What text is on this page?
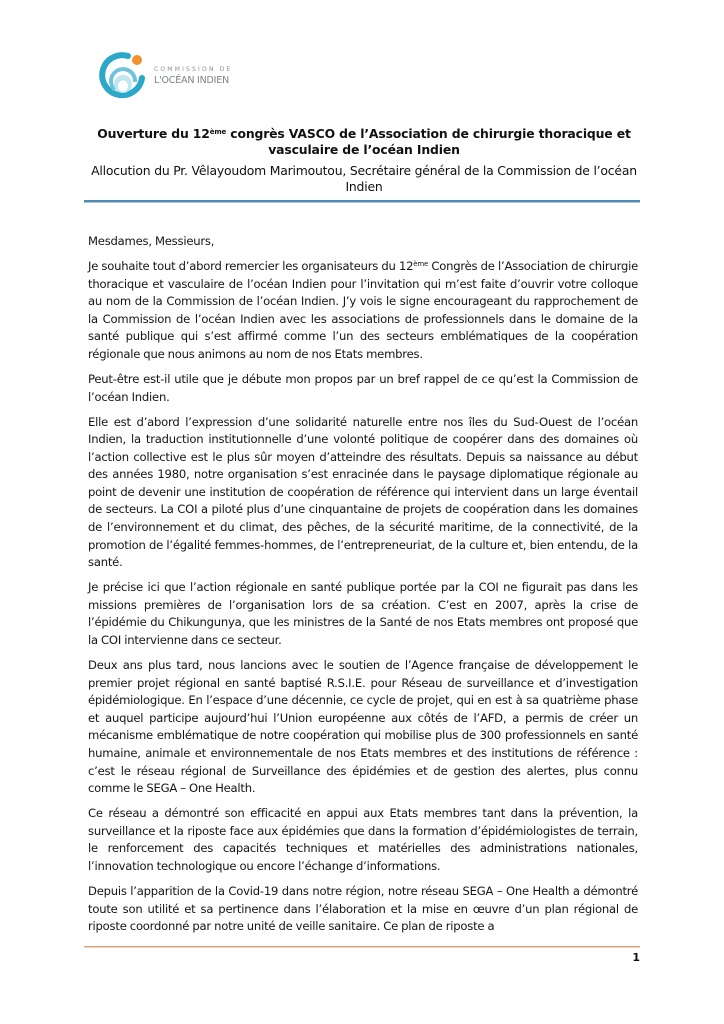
COMMISSION DE
L'OCÉAN INDIEN

Ouverture du 12ème congrès VASCO de l’Association de chirurgie thoracique et vasculaire de l’océan Indien

Allocution du Pr. Vêlayoudom Marimoutou, Secrétaire général de la Commission de l’océan Indien

Mesdames, Messieurs,

Je souhaite tout d’abord remercier les organisateurs du 12ème Congrès de l’Association de chirurgie thoracique et vasculaire de l’océan Indien pour l’invitation qui m’est faite d’ouvrir votre colloque au nom de la Commission de l’océan Indien. J’y vois le signe encourageant du rapprochement de la Commission de l’océan Indien avec les associations de professionnels dans le domaine de la santé publique qui s’est affirmé comme l’un des secteurs emblématiques de la coopération régionale que nous animons au nom de nos Etats membres.

Peut-être est-il utile que je débute mon propos par un bref rappel de ce qu’est la Commission de l’océan Indien.

Elle est d’abord l’expression d’une solidarité naturelle entre nos îles du Sud-Ouest de l’océan Indien, la traduction institutionnelle d’une volonté politique de coopérer dans des domaines où l’action collective est le plus sûr moyen d’atteindre des résultats. Depuis sa naissance au début des années 1980, notre organisation s’est enracinée dans le paysage diplomatique régionale au point de devenir une institution de coopération de référence qui intervient dans un large éventail de secteurs. La COI a piloté plus d’une cinquantaine de projets de coopération dans les domaines de l’environnement et du climat, des pêches, de la sécurité maritime, de la connectivité, de la promotion de l’égalité femmes-hommes, de l’entrepreneuriat, de la culture et, bien entendu, de la santé.

Je précise ici que l’action régionale en santé publique portée par la COI ne figurait pas dans les missions premières de l’organisation lors de sa création. C’est en 2007, après la crise de l’épidémie du Chikungunya, que les ministres de la Santé de nos Etats membres ont proposé que la COI intervienne dans ce secteur.

Deux ans plus tard, nous lancions avec le soutien de l’Agence française de développement le premier projet régional en santé baptisé R.S.I.E. pour Réseau de surveillance et d’investigation épidémiologique. En l’espace d’une décennie, ce cycle de projet, qui en est à sa quatrième phase et auquel participe aujourd’hui l’Union européenne aux côtés de l’AFD, a permis de créer un mécanisme emblématique de notre coopération qui mobilise plus de 300 professionnels en santé humaine, animale et environnementale de nos Etats membres et des institutions de référence : c’est le réseau régional de Surveillance des épidémies et de gestion des alertes, plus connu comme le SEGA – One Health.

Ce réseau a démontré son efficacité en appui aux Etats membres tant dans la prévention, la surveillance et la riposte face aux épidémies que dans la formation d’épidémiologistes de terrain, le renforcement des capacités techniques et matérielles des administrations nationales, l’innovation technologique ou encore l’échange d’informations.

Depuis l’apparition de la Covid-19 dans notre région, notre réseau SEGA – One Health a démontré toute son utilité et sa pertinence dans l’élaboration et la mise en œuvre d’un plan régional de riposte coordonné par notre unité de veille sanitaire. Ce plan de riposte a

1
